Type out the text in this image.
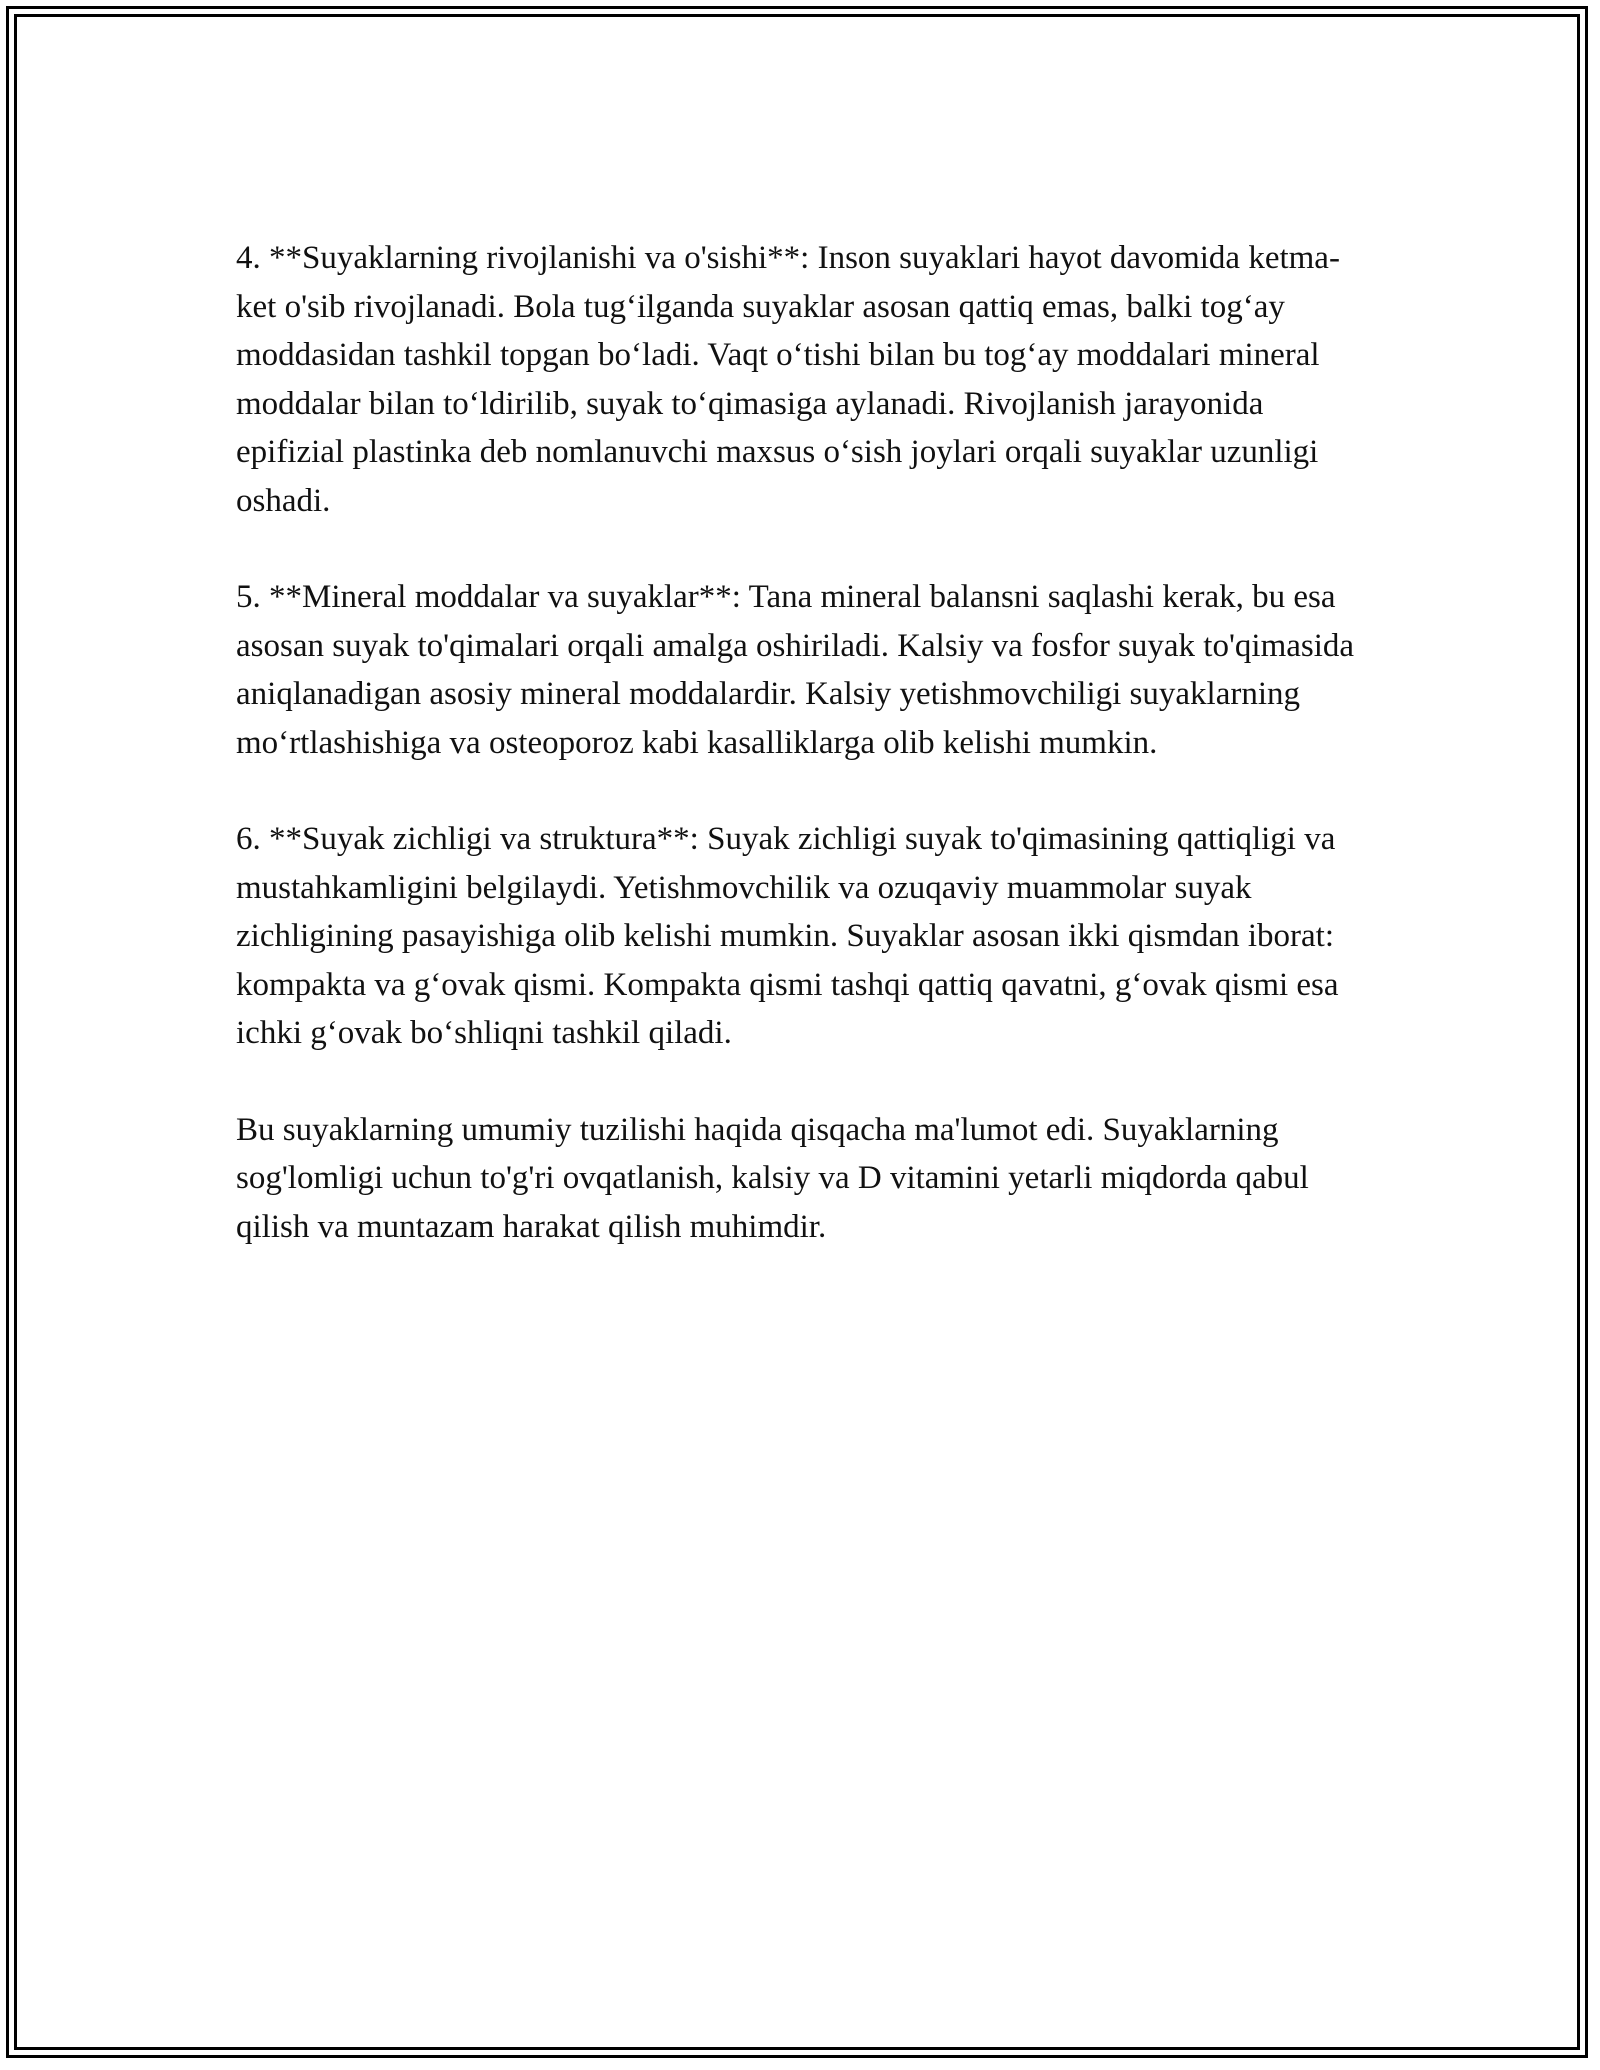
4. **Suyaklarning rivojlanishi va o'sishi**: Inson suyaklari hayot davomida ketma-ket o'sib rivojlanadi. Bola tug‘ilganda suyaklar asosan qattiq emas, balki tog‘ay moddasidan tashkil topgan bo‘ladi. Vaqt o‘tishi bilan bu tog‘ay moddalari mineral moddalar bilan to‘ldirilib, suyak to‘qimasiga aylanadi. Rivojlanish jarayonida epifizial plastinka deb nomlanuvchi maxsus o‘sish joylari orqali suyaklar uzunligi oshadi.

5. **Mineral moddalar va suyaklar**: Tana mineral balansni saqlashi kerak, bu esa asosan suyak to'qimalari orqali amalga oshiriladi. Kalsiy va fosfor suyak to'qimasida aniqlanadigan asosiy mineral moddalardir. Kalsiy yetishmovchiligi suyaklarning mo‘rtlashishiga va osteoporoz kabi kasalliklarga olib kelishi mumkin.

6. **Suyak zichligi va struktura**: Suyak zichligi suyak to'qimasining qattiqligi va mustahkamligini belgilaydi. Yetishmovchilik va ozuqaviy muammolar suyak zichligining pasayishiga olib kelishi mumkin. Suyaklar asosan ikki qismdan iborat: kompakta va g‘ovak qismi. Kompakta qismi tashqi qattiq qavatni, g‘ovak qismi esa ichki g‘ovak bo‘shliqni tashkil qiladi.

Bu suyaklarning umumiy tuzilishi haqida qisqacha ma'lumot edi. Suyaklarning sog'lomligi uchun to'g'ri ovqatlanish, kalsiy va D vitamini yetarli miqdorda qabul qilish va muntazam harakat qilish muhimdir.
